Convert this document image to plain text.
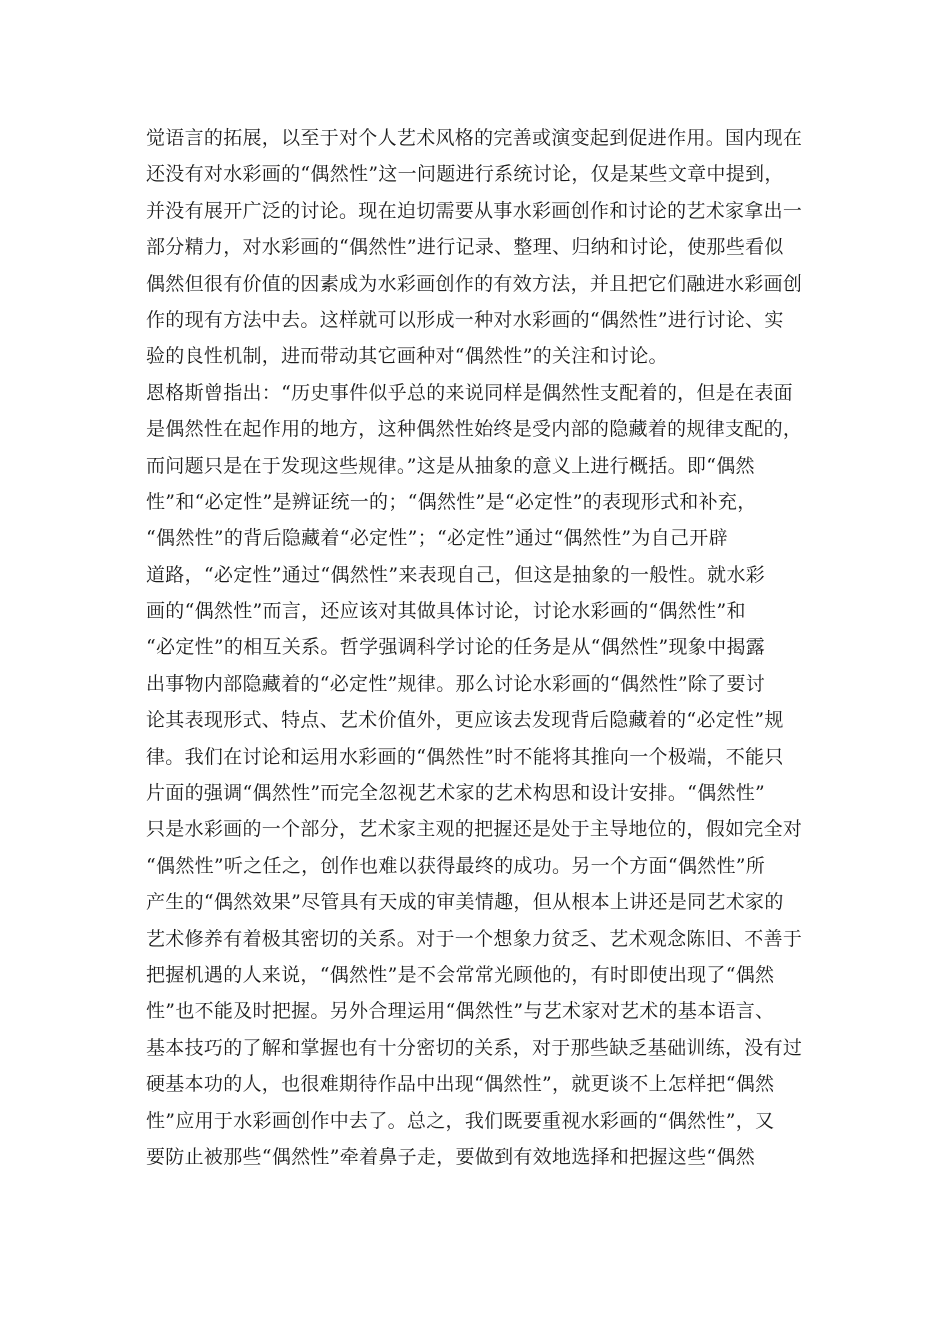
觉语言的拓展，以至于对个人艺术风格的完善或演变起到促进作用。国内现在
还没有对水彩画的“偶然性”这一问题进行系统讨论，仅是某些文章中提到，
并没有展开广泛的讨论。现在迫切需要从事水彩画创作和讨论的艺术家拿出一
部分精力，对水彩画的“偶然性”进行记录、整理、归纳和讨论，使那些看似
偶然但很有价值的因素成为水彩画创作的有效方法，并且把它们融进水彩画创
作的现有方法中去。这样就可以形成一种对水彩画的“偶然性”进行讨论、实
验的良性机制，进而带动其它画种对“偶然性”的关注和讨论。
恩格斯曾指出：“历史事件似乎总的来说同样是偶然性支配着的，但是在表面
是偶然性在起作用的地方，这种偶然性始终是受内部的隐藏着的规律支配的，
而问题只是在于发现这些规律。”这是从抽象的意义上进行概括。即“偶然
性”和“必定性”是辨证统一的；“偶然性”是“必定性”的表现形式和补充，
“偶然性”的背后隐藏着“必定性”；“必定性”通过“偶然性”为自己开辟
道路，“必定性”通过“偶然性”来表现自己，但这是抽象的一般性。就水彩
画的“偶然性”而言，还应该对其做具体讨论，讨论水彩画的“偶然性”和
“必定性”的相互关系。哲学强调科学讨论的任务是从“偶然性”现象中揭露
出事物内部隐藏着的“必定性”规律。那么讨论水彩画的“偶然性”除了要讨
论其表现形式、特点、艺术价值外，更应该去发现背后隐藏着的“必定性”规
律。我们在讨论和运用水彩画的“偶然性”时不能将其推向一个极端，不能只
片面的强调“偶然性”而完全忽视艺术家的艺术构思和设计安排。“偶然性”
只是水彩画的一个部分，艺术家主观的把握还是处于主导地位的，假如完全对
“偶然性”听之任之，创作也难以获得最终的成功。另一个方面“偶然性”所
产生的“偶然效果”尽管具有天成的审美情趣，但从根本上讲还是同艺术家的
艺术修养有着极其密切的关系。对于一个想象力贫乏、艺术观念陈旧、不善于
把握机遇的人来说，“偶然性”是不会常常光顾他的，有时即使出现了“偶然
性”也不能及时把握。另外合理运用“偶然性”与艺术家对艺术的基本语言、
基本技巧的了解和掌握也有十分密切的关系，对于那些缺乏基础训练，没有过
硬基本功的人，也很难期待作品中出现“偶然性”，就更谈不上怎样把“偶然
性”应用于水彩画创作中去了。总之，我们既要重视水彩画的“偶然性”，又
要防止被那些“偶然性”牵着鼻子走，要做到有效地选择和把握这些“偶然
